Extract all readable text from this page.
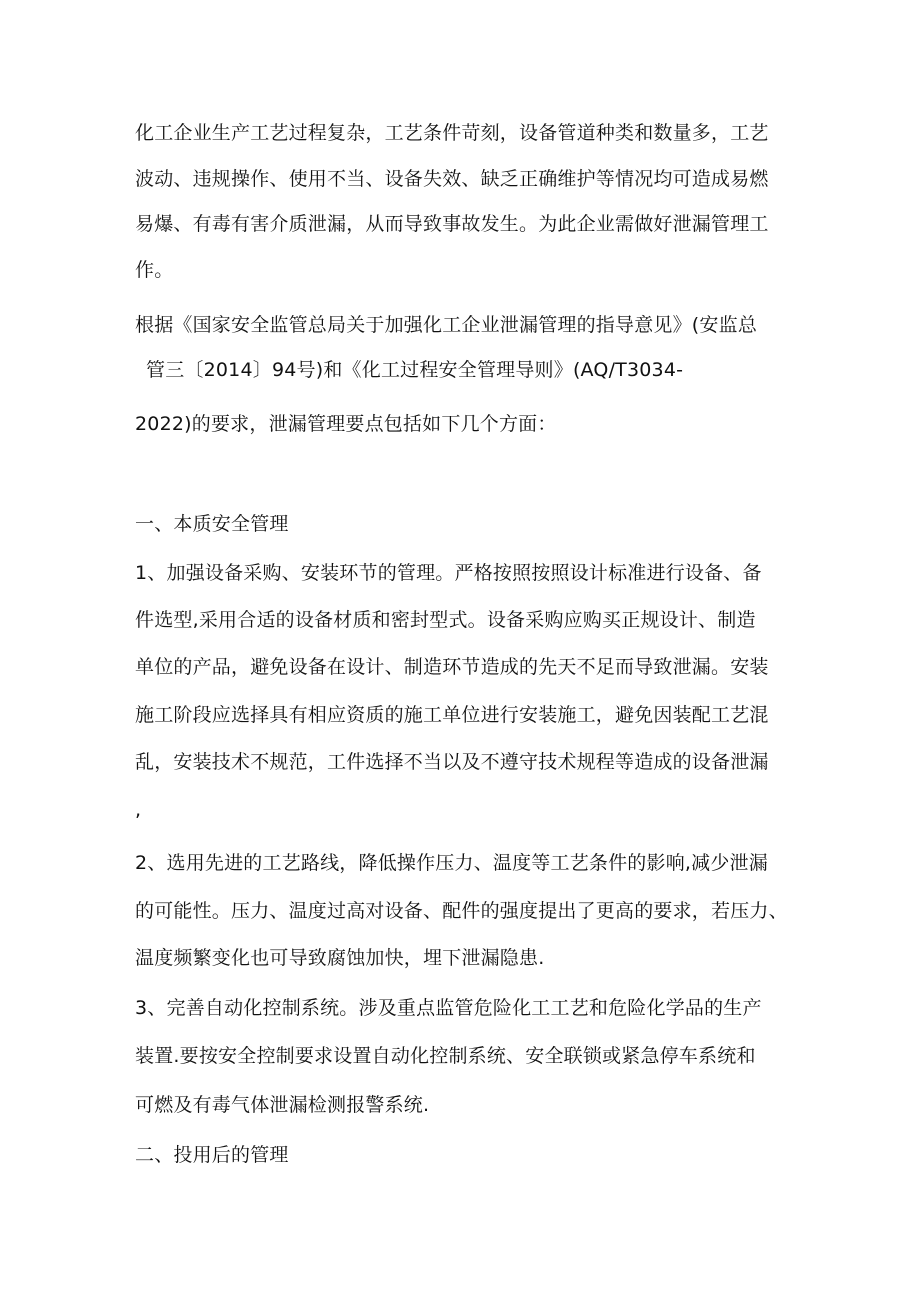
化工企业生产工艺过程复杂，工艺条件苛刻，设备管道种类和数量多，工艺
波动、违规操作、使用不当、设备失效、缺乏正确维护等情况均可造成易燃
易爆、有毒有害介质泄漏，从而导致事故发生。为此企业需做好泄漏管理工
作。
根据《国家安全监管总局关于加强化工企业泄漏管理的指导意见》(安监总
管三〔2014〕94号)和《化工过程安全管理导则》(AQ/T3034-
2022)的要求，泄漏管理要点包括如下几个方面：
一、本质安全管理
1、加强设备采购、安装环节的管理。严格按照按照设计标准进行设备、备
件选型,采用合适的设备材质和密封型式。设备采购应购买正规设计、制造
单位的产品，避免设备在设计、制造环节造成的先天不足而导致泄漏。安装
施工阶段应选择具有相应资质的施工单位进行安装施工，避免因装配工艺混
乱，安装技术不规范，工件选择不当以及不遵守技术规程等造成的设备泄漏
,
2、选用先进的工艺路线，降低操作压力、温度等工艺条件的影响,减少泄漏
的可能性。压力、温度过高对设备、配件的强度提出了更高的要求，若压力、
温度频繁变化也可导致腐蚀加快，埋下泄漏隐患.
3、完善自动化控制系统。涉及重点监管危险化工工艺和危险化学品的生产
装置.要按安全控制要求设置自动化控制系统、安全联锁或紧急停车系统和
可燃及有毒气体泄漏检测报警系统.
二、投用后的管理
